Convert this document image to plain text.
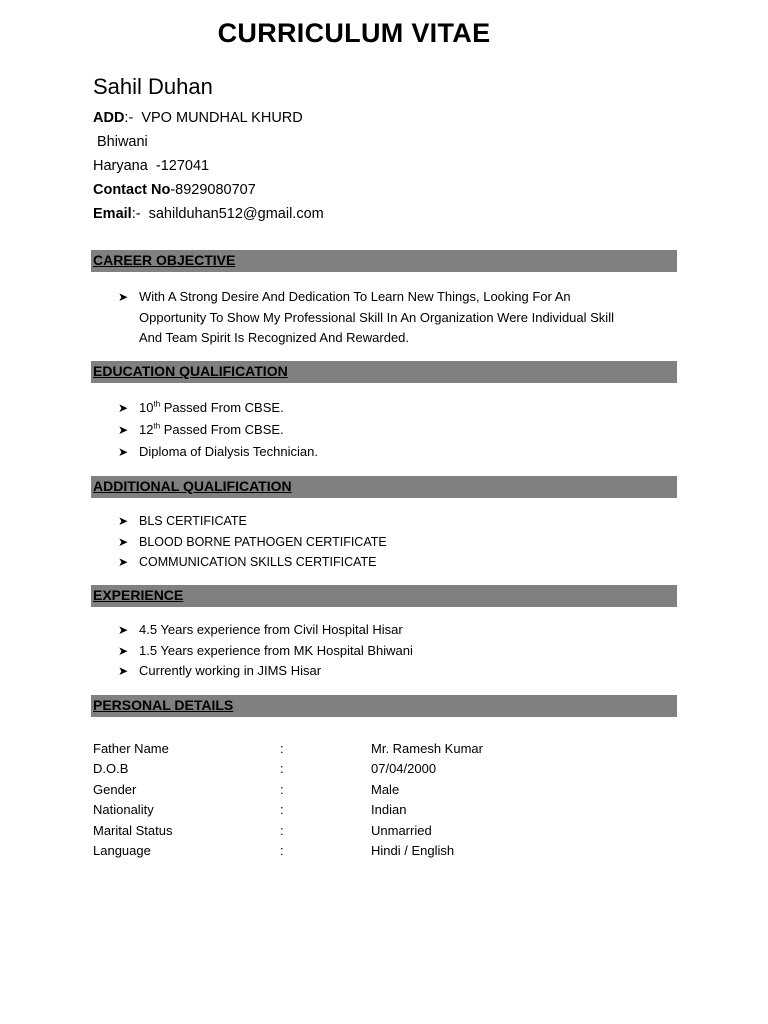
CURRICULUM VITAE
Sahil Duhan
ADD:-  VPO MUNDHAL KHURD
Bhiwani
Haryana  -127041
Contact No-8929080707
Email:-  sahilduhan512@gmail.com
CAREER OBJECTIVE
➤ With A Strong Desire And Dedication To Learn New Things, Looking For An
Opportunity To Show My Professional Skill In An Organization Were Individual Skill
And Team Spirit Is Recognized And Rewarded.
EDUCATION QUALIFICATION
➤ 10th Passed From CBSE.
➤ 12th Passed From CBSE.
➤ Diploma of Dialysis Technician.
ADDITIONAL QUALIFICATION
➤ BLS CERTIFICATE
➤ BLOOD BORNE PATHOGEN CERTIFICATE
➤ COMMUNICATION SKILLS CERTIFICATE
EXPERIENCE
➤ 4.5 Years experience from Civil Hospital Hisar
➤ 1.5 Years experience from MK Hospital Bhiwani
➤ Currently working in JIMS Hisar
PERSONAL DETAILS
Father Name	:	Mr. Ramesh Kumar
D.O.B	:	07/04/2000
Gender	:	Male
Nationality	:	Indian
Marital Status	:	Unmarried
Language	:	Hindi / English
